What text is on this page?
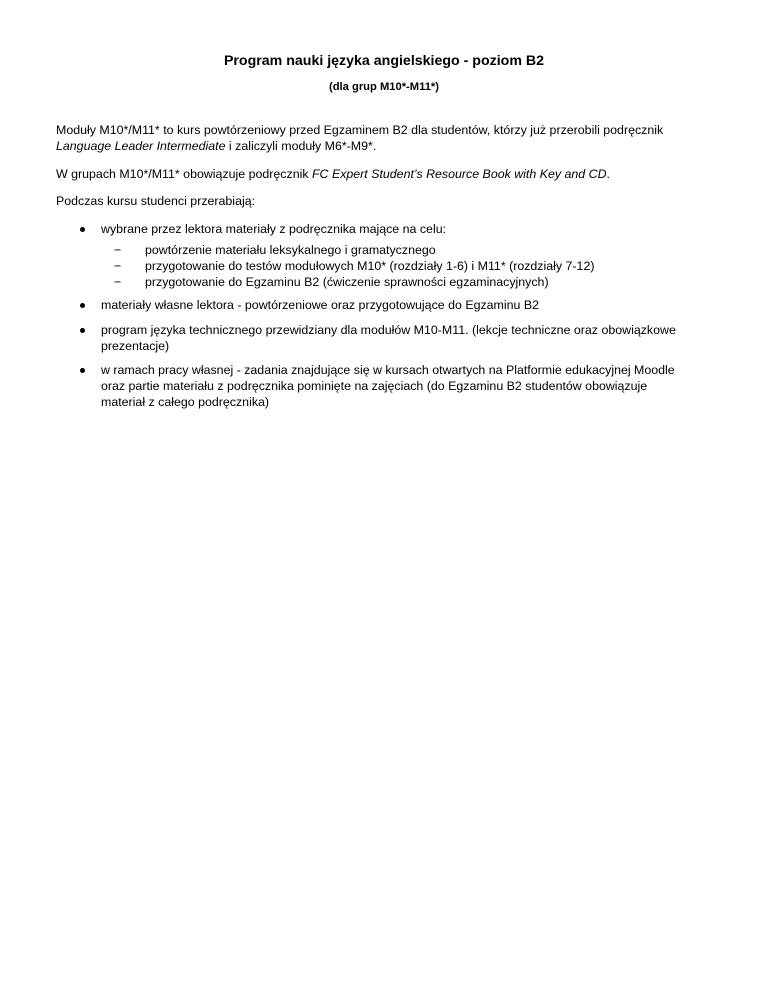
Program nauki języka angielskiego - poziom B2
(dla grup M10*-M11*)
Moduły M10*/M11* to kurs powtórzeniowy przed Egzaminem B2 dla studentów, którzy już przerobili podręcznik
Language Leader Intermediate i zaliczyli moduły M6*-M9*.
W grupach M10*/M11* obowiązuje podręcznik FC Expert Student’s Resource Book with Key and CD.
Podczas kursu studenci przerabiają:
wybrane przez lektora materiały z podręcznika mające na celu:
− powtórzenie materiału leksykalnego i gramatycznego
− przygotowanie do testów modułowych M10* (rozdziały 1-6) i M11* (rozdziały 7-12)
− przygotowanie do Egzaminu B2 (ćwiczenie sprawności egzaminacyjnych)
materiały własne lektora - powtórzeniowe oraz przygotowujące do Egzaminu B2
program języka technicznego przewidziany dla modułów M10-M11. (lekcje techniczne oraz obowiązkowe
prezentacje)
w ramach pracy własnej - zadania znajdujące się w kursach otwartych na Platformie edukacyjnej Moodle
oraz partie materiału z podręcznika pominięte na zajęciach (do Egzaminu B2 studentów obowiązuje
materiał z całego podręcznika)
